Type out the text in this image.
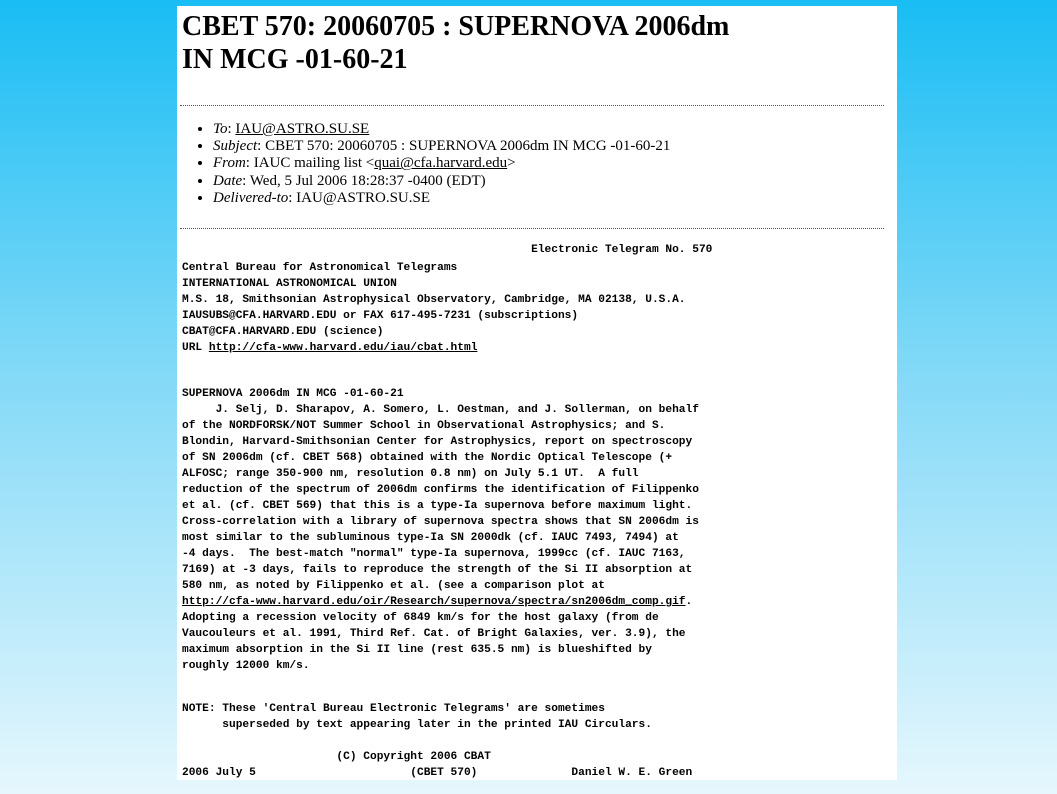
CBET 570: 20060705 : SUPERNOVA 2006dm
IN MCG -01-60-21
• To: IAU@ASTRO.SU.SE
• Subject: CBET 570: 20060705 : SUPERNOVA 2006dm IN MCG -01-60-21
• From: IAUC mailing list <quai@cfa.harvard.edu>
• Date: Wed, 5 Jul 2006 18:28:37 -0400 (EDT)
• Delivered-to: IAU@ASTRO.SU.SE
Electronic Telegram No. 570
Central Bureau for Astronomical Telegrams
INTERNATIONAL ASTRONOMICAL UNION
M.S. 18, Smithsonian Astrophysical Observatory, Cambridge, MA 02138, U.S.A.
IAUSUBS@CFA.HARVARD.EDU or FAX 617-495-7231 (subscriptions)
CBAT@CFA.HARVARD.EDU (science)
URL http://cfa-www.harvard.edu/iau/cbat.html
SUPERNOVA 2006dm IN MCG -01-60-21
J. Selj, D. Sharapov, A. Somero, L. Oestman, and J. Sollerman, on behalf
of the NORDFORSK/NOT Summer School in Observational Astrophysics; and S.
Blondin, Harvard-Smithsonian Center for Astrophysics, report on spectroscopy
of SN 2006dm (cf. CBET 568) obtained with the Nordic Optical Telescope (+
ALFOSC; range 350-900 nm, resolution 0.8 nm) on July 5.1 UT.  A full
reduction of the spectrum of 2006dm confirms the identification of Filippenko
et al. (cf. CBET 569) that this is a type-Ia supernova before maximum light.
Cross-correlation with a library of supernova spectra shows that SN 2006dm is
most similar to the subluminous type-Ia SN 2000dk (cf. IAUC 7493, 7494) at
-4 days.  The best-match "normal" type-Ia supernova, 1999cc (cf. IAUC 7163,
7169) at -3 days, fails to reproduce the strength of the Si II absorption at
580 nm, as noted by Filippenko et al. (see a comparison plot at
http://cfa-www.harvard.edu/oir/Research/supernova/spectra/sn2006dm_comp.gif.
Adopting a recession velocity of 6849 km/s for the host galaxy (from de
Vaucouleurs et al. 1991, Third Ref. Cat. of Bright Galaxies, ver. 3.9), the
maximum absorption in the Si II line (rest 635.5 nm) is blueshifted by
roughly 12000 km/s.
NOTE: These 'Central Bureau Electronic Telegrams' are sometimes
superseded by text appearing later in the printed IAU Circulars.
(C) Copyright 2006 CBAT
2006 July 5                       (CBET 570)              Daniel W. E. Green
